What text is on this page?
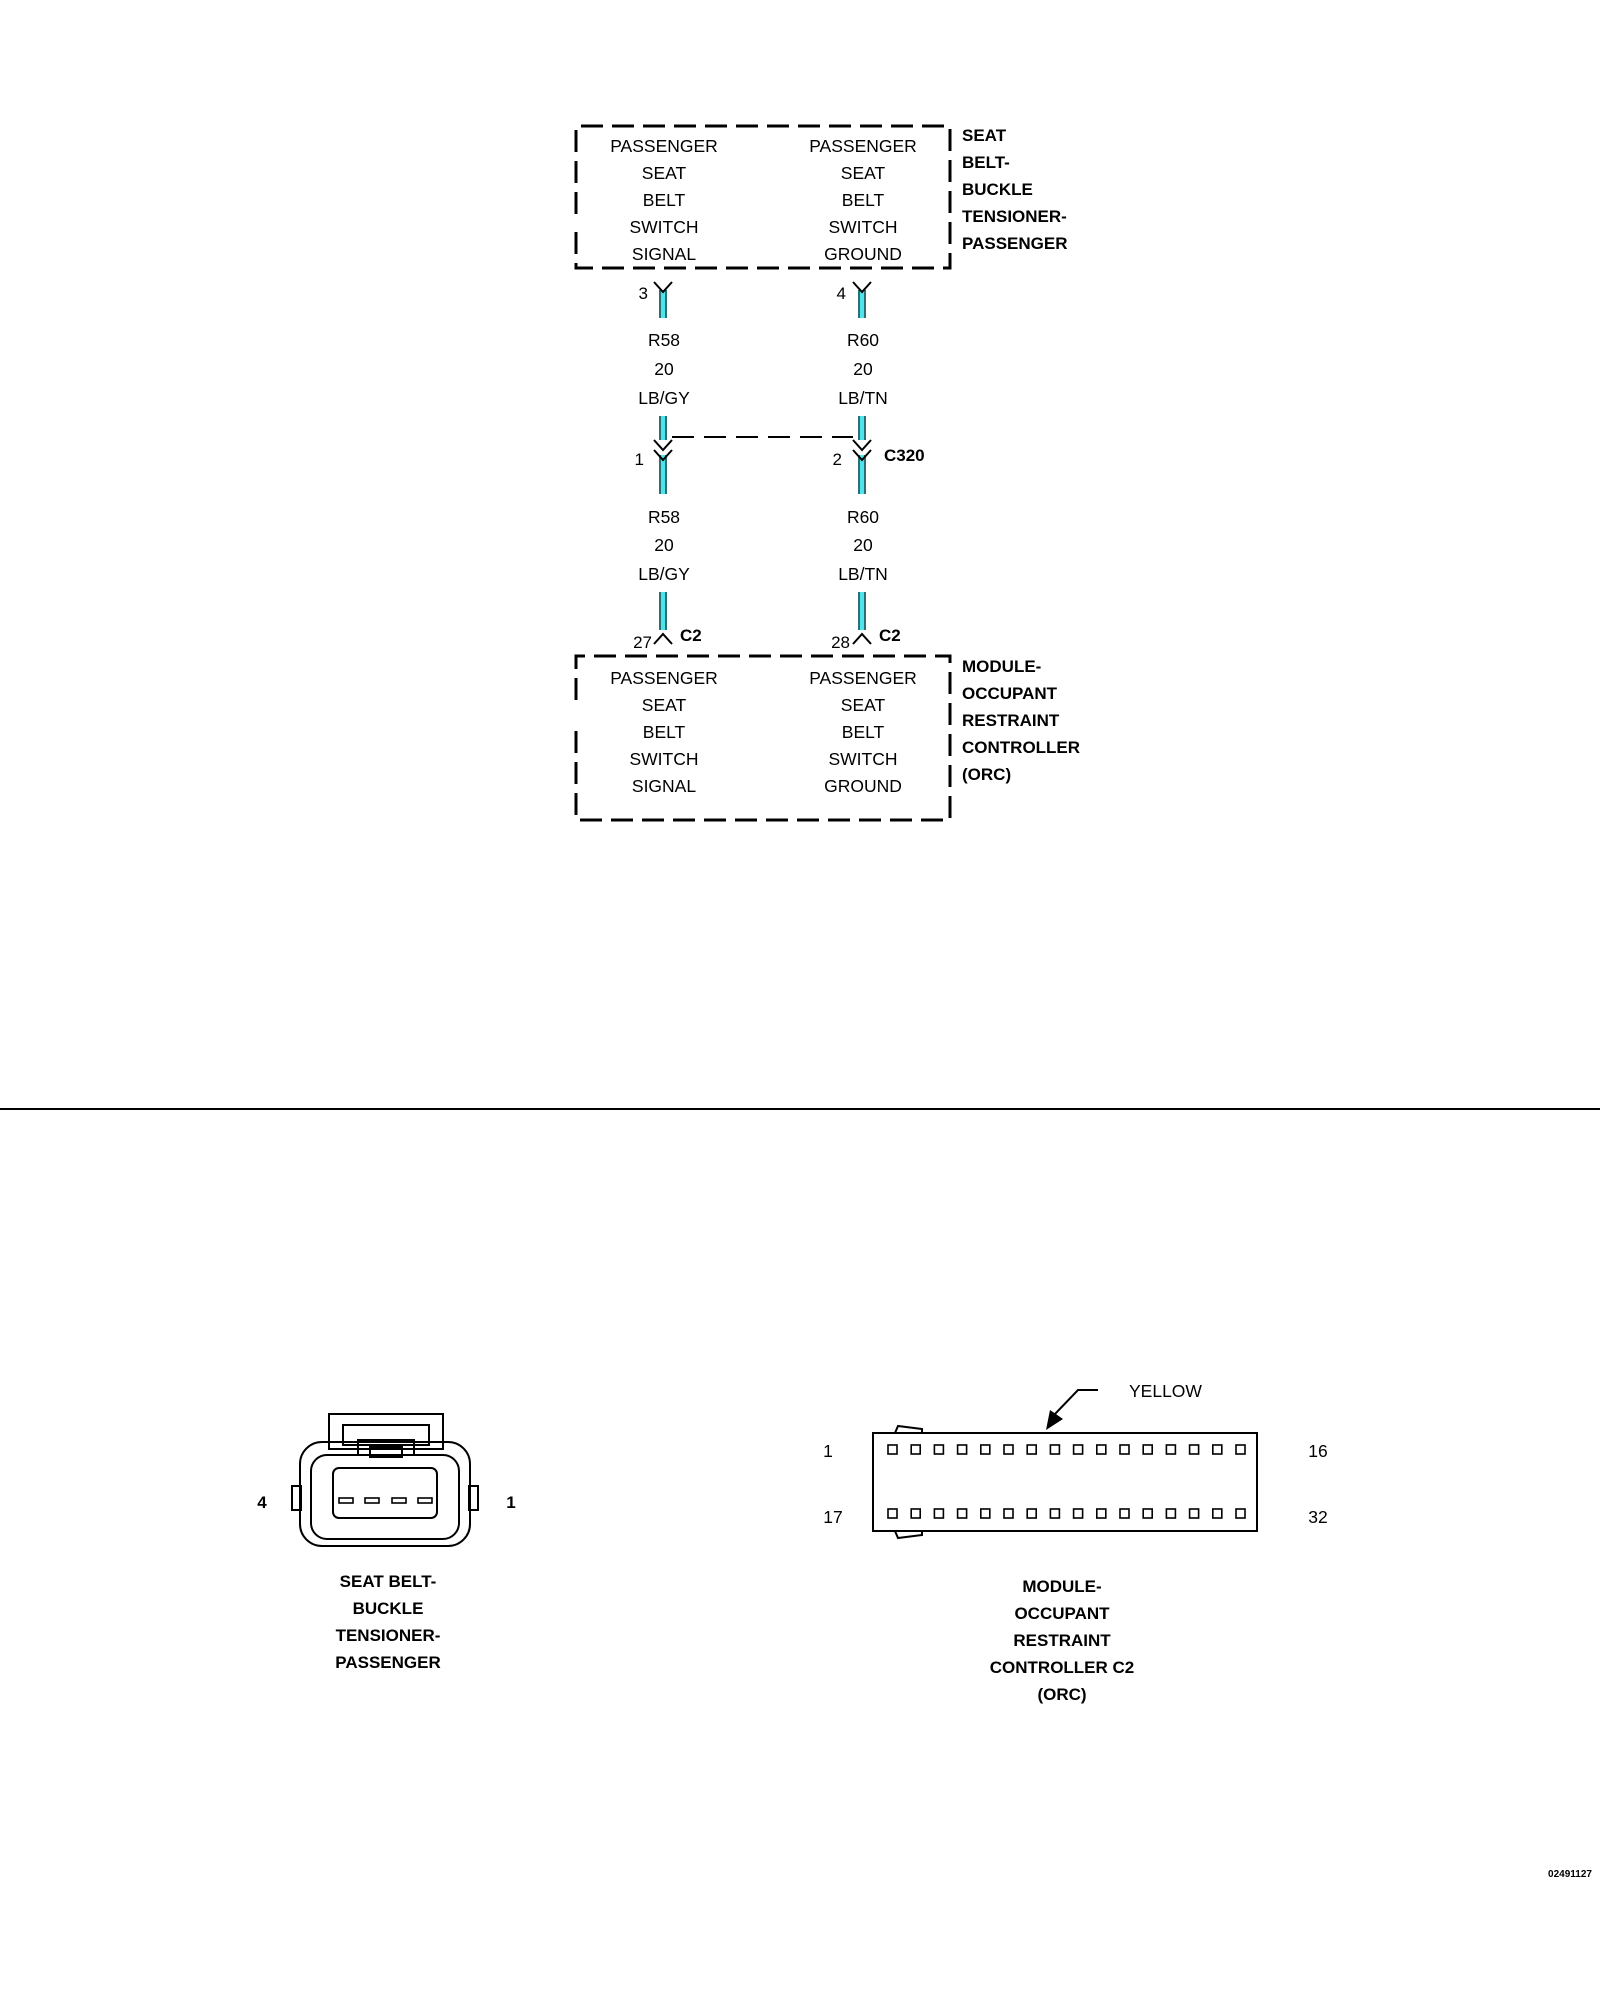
PASSENGER
SEAT
BELT
SWITCH
SIGNAL
PASSENGER
SEAT
BELT
SWITCH
GROUND
SEAT
BELT-
BUCKLE
TENSIONER-
PASSENGER
3
R58
20
LB/GY
1
R58
20
LB/GY
27 C2
4
R60
20
LB/TN
2
R60
20
LB/TN
28 C2
C320
PASSENGER
SEAT
BELT
SWITCH
SIGNAL
PASSENGER
SEAT
BELT
SWITCH
GROUND
MODULE-
OCCUPANT
RESTRAINT
CONTROLLER
(ORC)
4	1
SEAT BELT-
BUCKLE
TENSIONER-
PASSENGER
YELLOW
1	16
17	32
MODULE-
OCCUPANT
RESTRAINT
CONTROLLER C2
(ORC)
02491127
